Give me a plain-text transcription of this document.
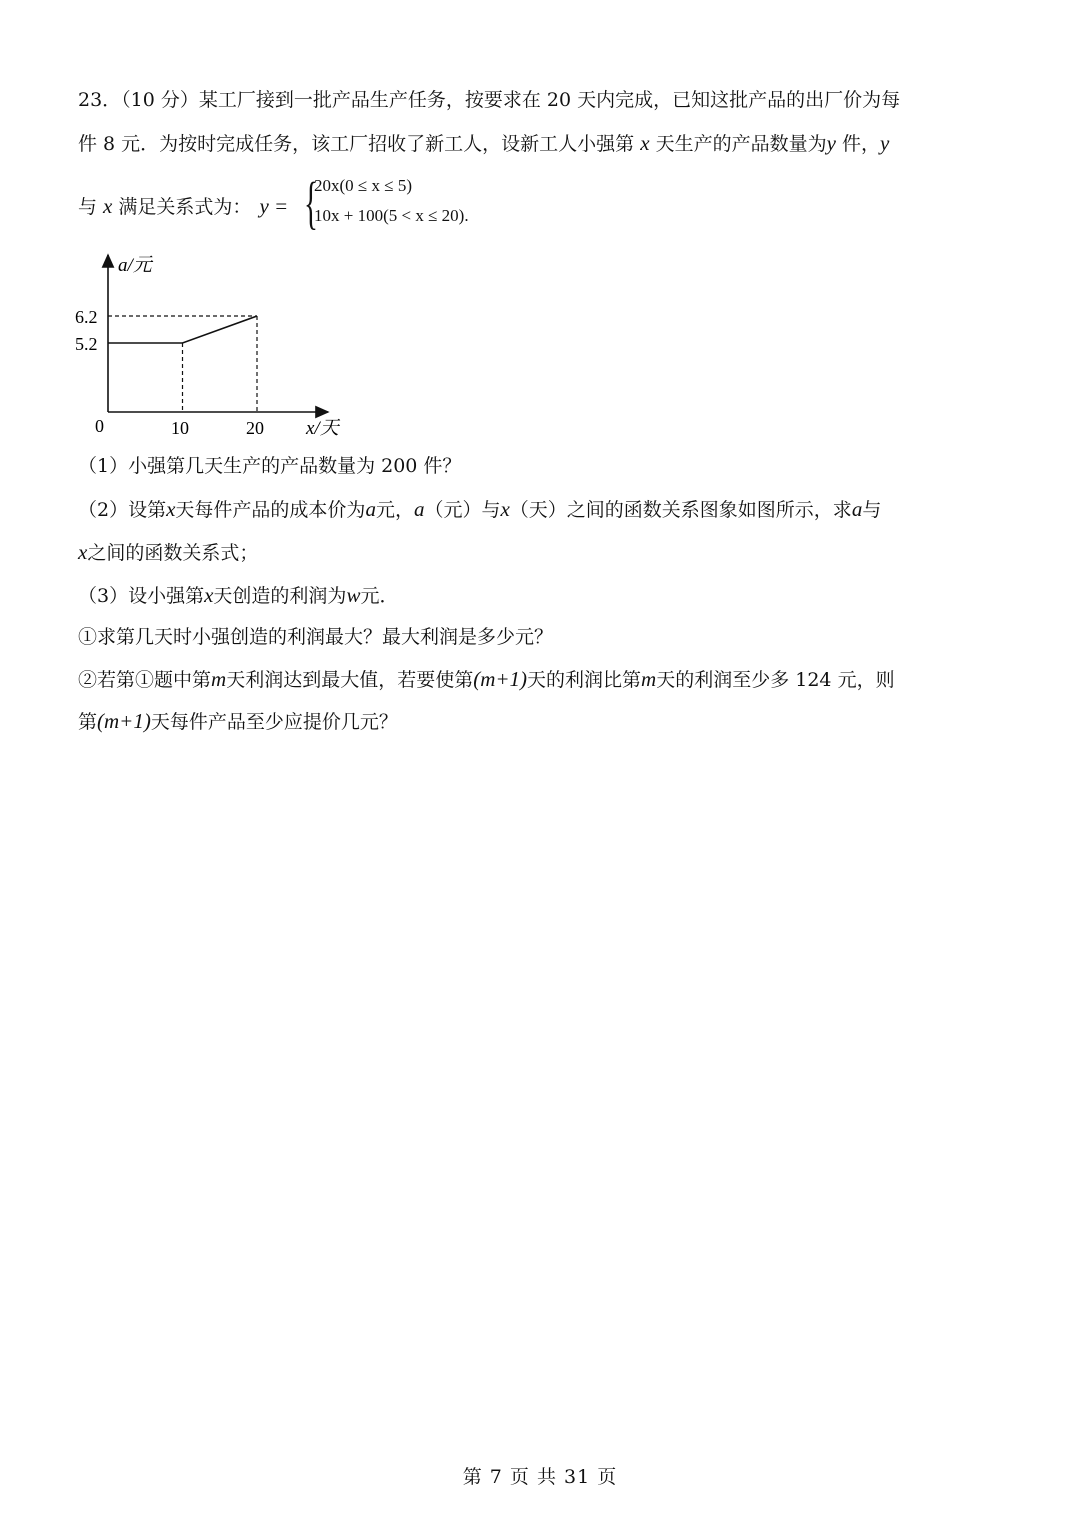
23．（10 分）某工厂接到一批产品生产任务，按要求在 20 天内完成，已知这批产品的出厂价为每
件 8 元．为按时完成任务，该工厂招收了新工人，设新工人小强第 x 天生产的产品数量为y 件，y
与 x 满足关系式为： y = {
20x(0 ≤ x ≤ 5)
10x + 100(5 < x ≤ 20).
a/元
x/天
0	10	20
6.2
5.2
（1）小强第几天生产的产品数量为 200 件？
（2）设第x天每件产品的成本价为a元，a（元）与x（天）之间的函数关系图象如图所示，求a与
x之间的函数关系式；
（3）设小强第x天创造的利润为w元．
①求第几天时小强创造的利润最大？最大利润是多少元？
②若第①题中第m天利润达到最大值，若要使第(m+1)天的利润比第m天的利润至少多 124 元，则
第(m+1)天每件产品至少应提价几元？
第 7 页 共 31 页
